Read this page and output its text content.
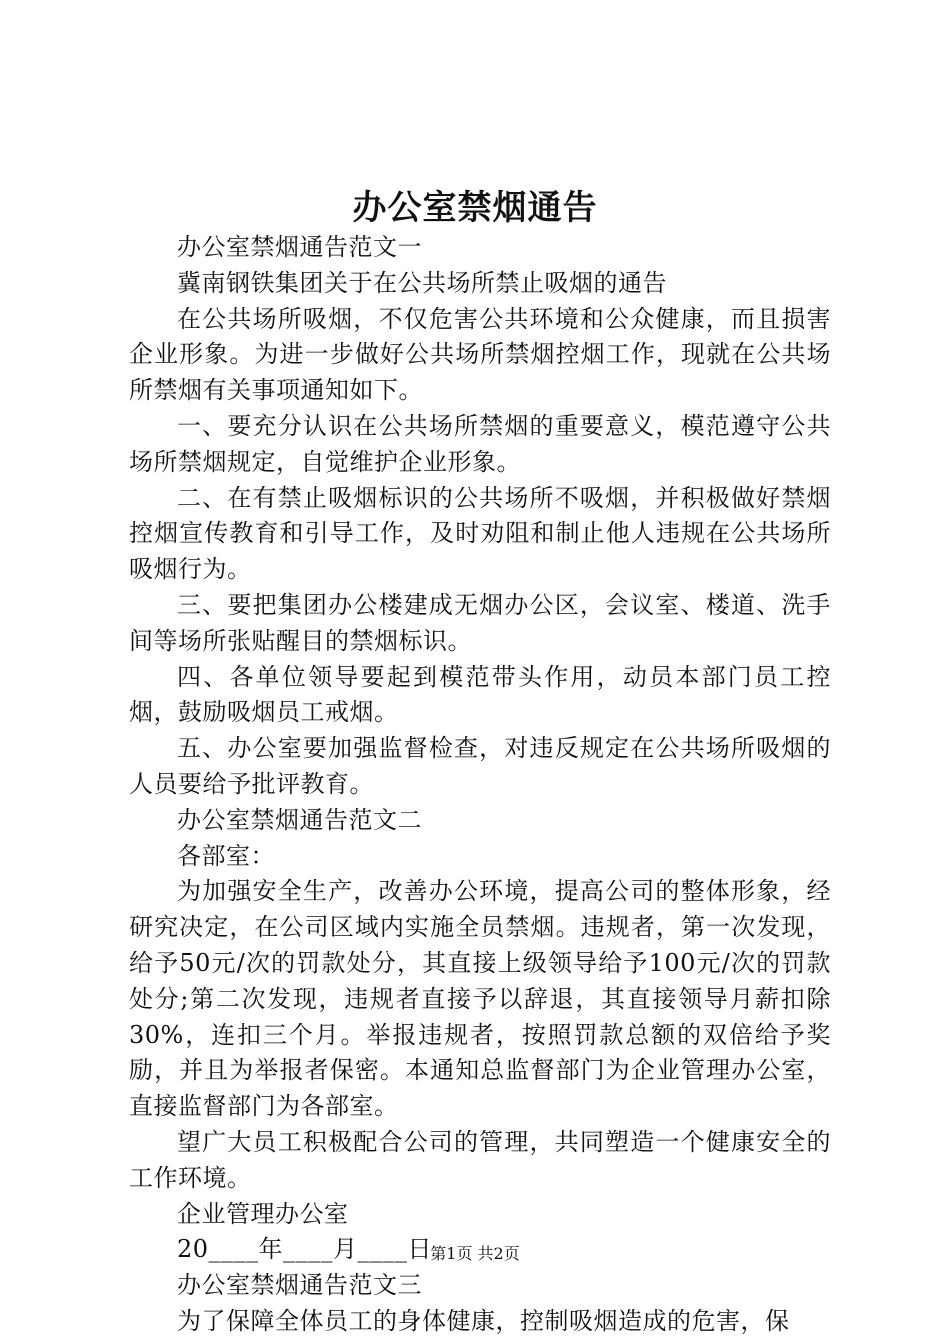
办公室禁烟通告

办公室禁烟通告范文一

冀南钢铁集团关于在公共场所禁止吸烟的通告

在公共场所吸烟，不仅危害公共环境和公众健康，而且损害企业形象。为进一步做好公共场所禁烟控烟工作，现就在公共场所禁烟有关事项通知如下。

一、要充分认识在公共场所禁烟的重要意义，模范遵守公共场所禁烟规定，自觉维护企业形象。

二、在有禁止吸烟标识的公共场所不吸烟，并积极做好禁烟控烟宣传教育和引导工作，及时劝阻和制止他人违规在公共场所吸烟行为。

三、要把集团办公楼建成无烟办公区，会议室、楼道、洗手间等场所张贴醒目的禁烟标识。

四、各单位领导要起到模范带头作用，动员本部门员工控烟，鼓励吸烟员工戒烟。

五、办公室要加强监督检查，对违反规定在公共场所吸烟的人员要给予批评教育。

办公室禁烟通告范文二

各部室：

为加强安全生产，改善办公环境，提高公司的整体形象，经研究决定，在公司区域内实施全员禁烟。违规者，第一次发现，给予50元/次的罚款处分，其直接上级领导给予100元/次的罚款处分;第二次发现，违规者直接予以辞退，其直接领导月薪扣除30%，连扣三个月。举报违规者，按照罚款总额的双倍给予奖励，并且为举报者保密。本通知总监督部门为企业管理办公室，直接监督部门为各部室。

望广大员工积极配合公司的管理，共同塑造一个健康安全的工作环境。

企业管理办公室

20____年____月____日

办公室禁烟通告范文三

为了保障全体员工的身体健康，控制吸烟造成的危害，保

第1页 共2页
